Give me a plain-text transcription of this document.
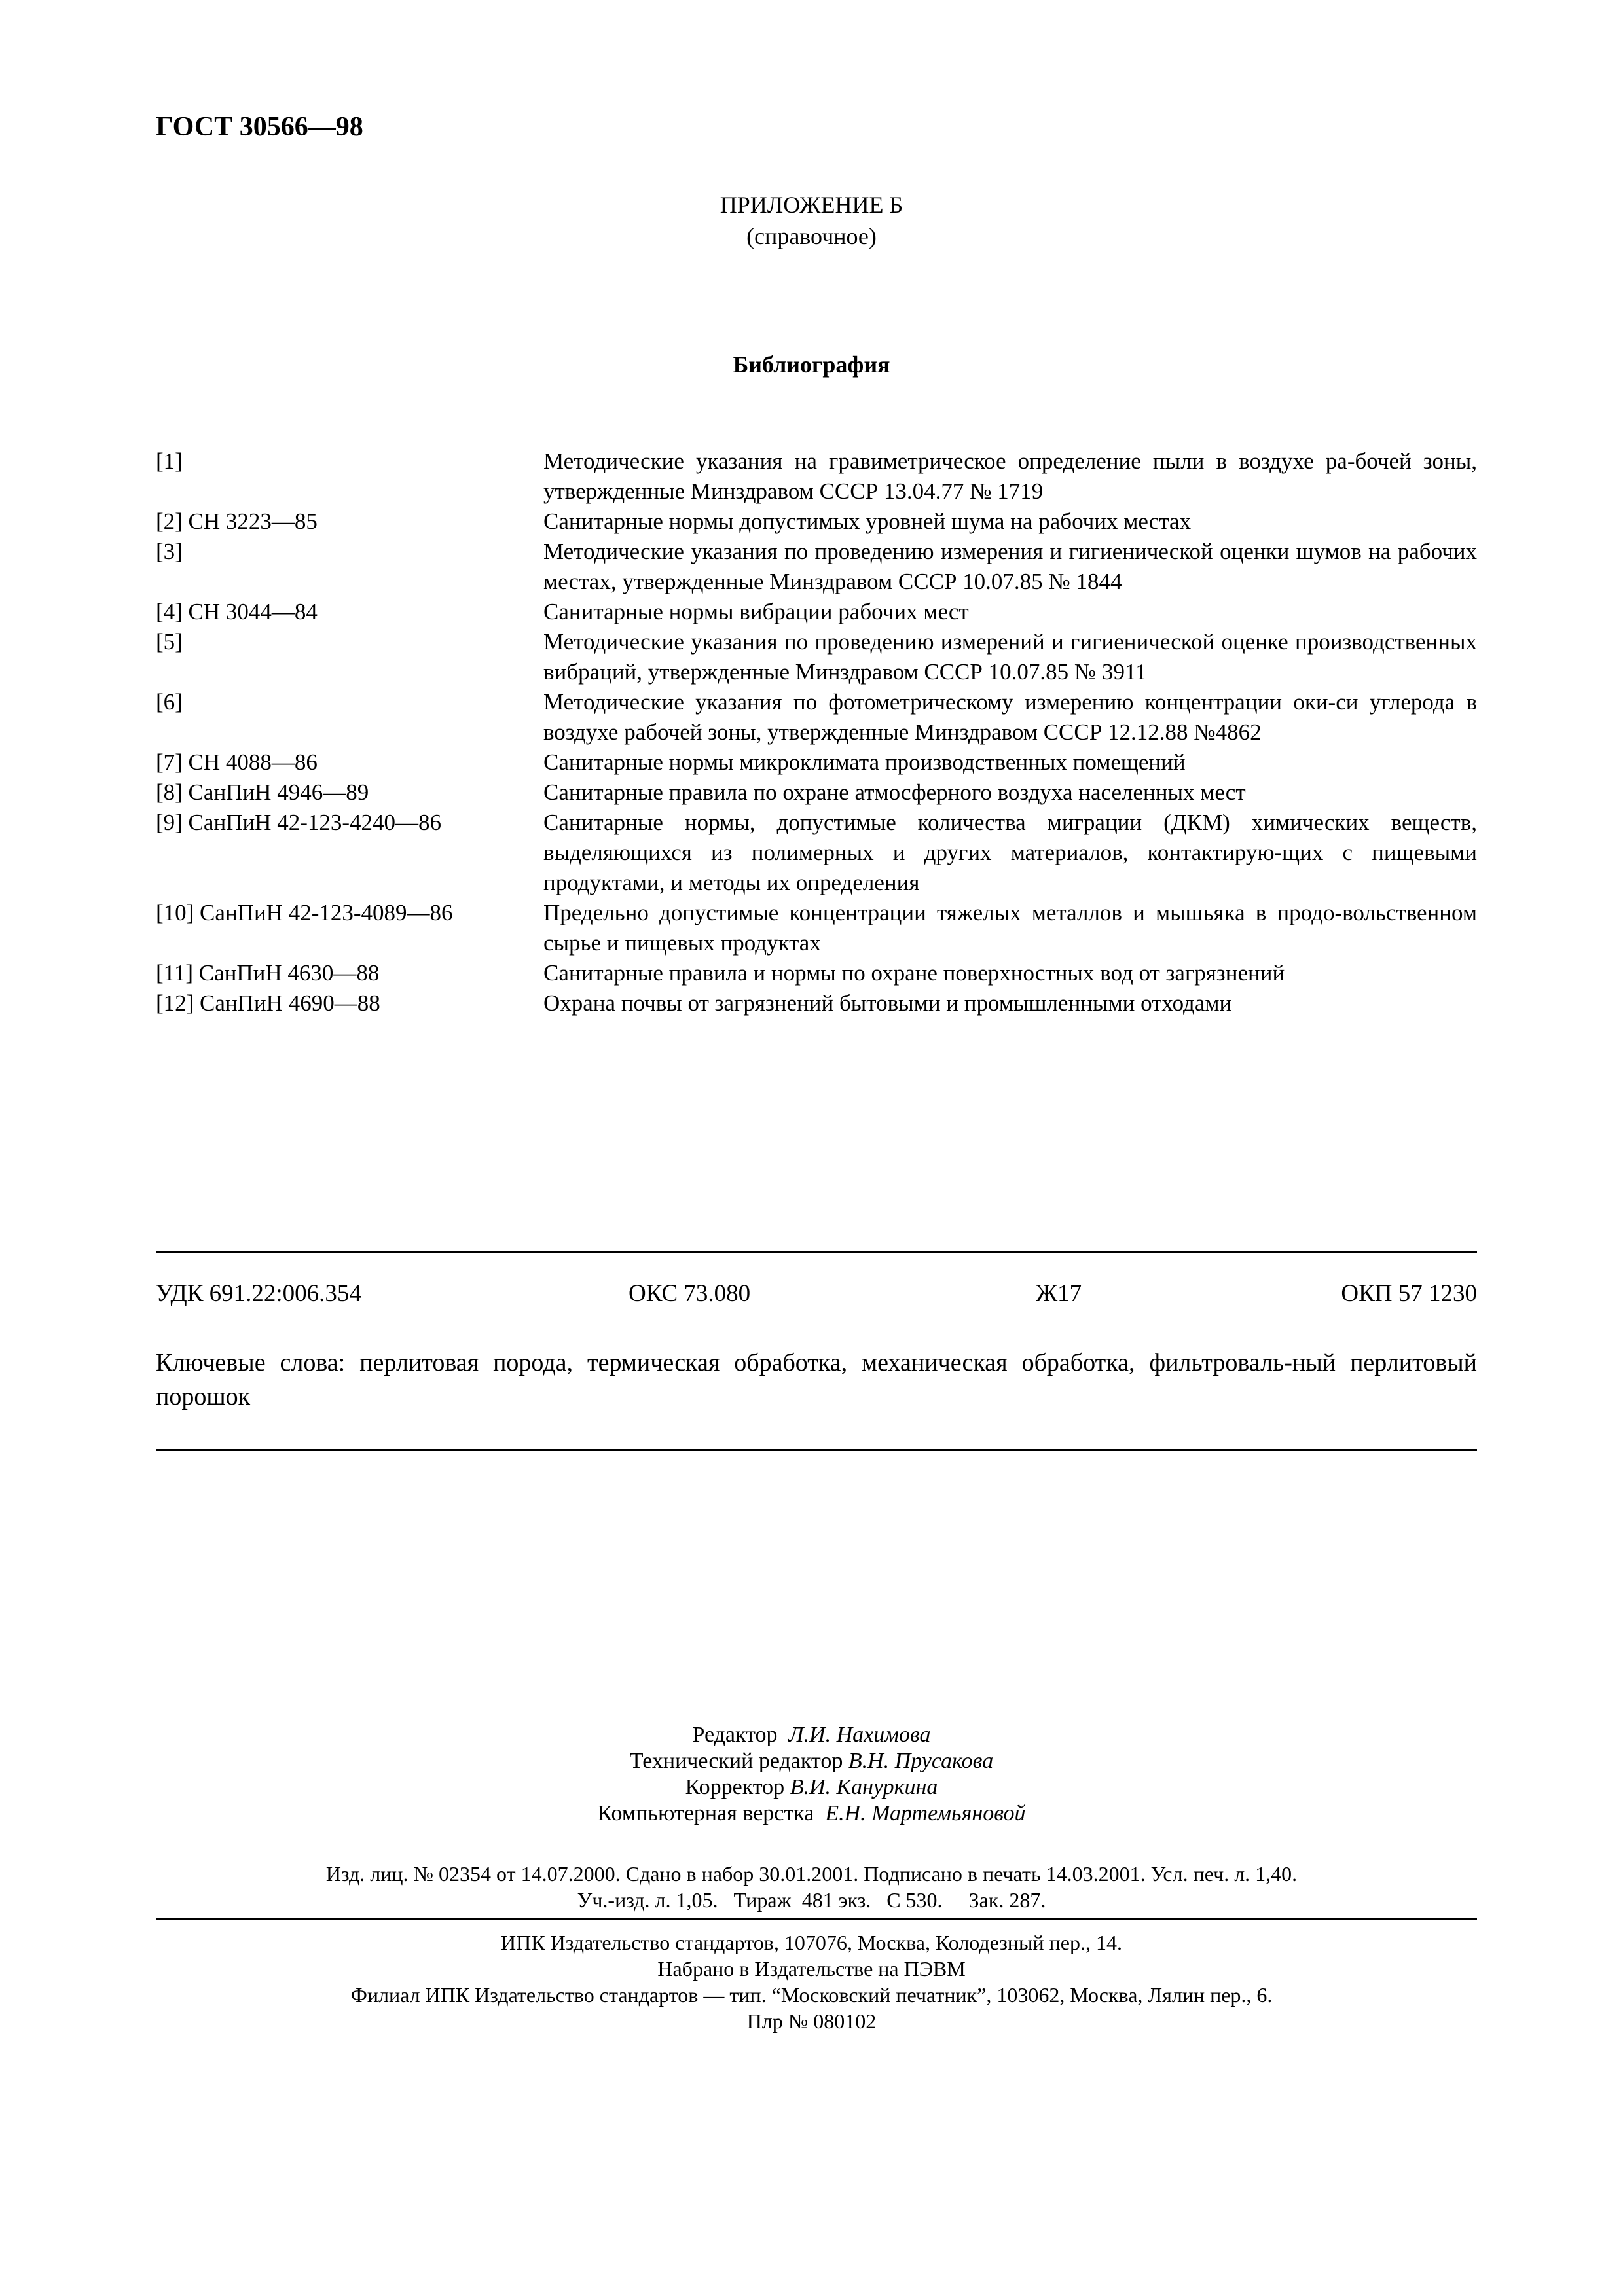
ГОСТ 30566—98
ПРИЛОЖЕНИЕ Б
(справочное)
Библиография
[1]	Методические указания на гравиметрическое определение пыли в воздухе ра-бочей зоны, утвержденные Минздравом СССР 13.04.77 № 1719
[2] СН 3223—85	Санитарные нормы допустимых уровней шума на рабочих местах
[3]	Методические указания по проведению измерения и гигиенической оценки шумов на рабочих местах, утвержденные Минздравом СССР 10.07.85 № 1844
[4] СН 3044—84	Санитарные нормы вибрации рабочих мест
[5]	Методические указания по проведению измерений и гигиенической оценке производственных вибраций, утвержденные Минздравом СССР 10.07.85 № 3911
[6]	Методические указания по фотометрическому измерению концентрации оки-си углерода в воздухе рабочей зоны, утвержденные Минздравом СССР 12.12.88 №4862
[7] СН 4088—86	Санитарные нормы микроклимата производственных помещений
[8] СанПиН 4946—89	Санитарные правила по охране атмосферного воздуха населенных мест
[9] СанПиН 42-123-4240—86	Санитарные нормы, допустимые количества миграции (ДКМ) химических веществ, выделяющихся из полимерных и других материалов, контактирую-щих с пищевыми продуктами, и методы их определения
[10] СанПиН 42-123-4089—86	Предельно допустимые концентрации тяжелых металлов и мышьяка в продо-вольственном сырье и пищевых продуктах
[11] СанПиН 4630—88	Санитарные правила и нормы по охране поверхностных вод от загрязнений
[12] СанПиН 4690—88	Охрана почвы от загрязнений бытовыми и промышленными отходами
УДК 691.22:006.354	ОКС 73.080	Ж17	ОКП 57 1230
Ключевые слова: перлитовая порода, термическая обработка, механическая обработка, фильтроваль-ный перлитовый порошок
Редактор Л.И. Нахимова
Технический редактор В.Н. Прусакова
Корректор В.И. Кануркина
Компьютерная верстка Е.Н. Мартемьяновой
Изд. лиц. № 02354 от 14.07.2000. Сдано в набор 30.01.2001. Подписано в печать 14.03.2001. Усл. печ. л. 1,40.
Уч.-изд. л. 1,05.   Тираж  481 экз.   С 530.     Зак. 287.
ИПК Издательство стандартов, 107076, Москва, Колодезный пер., 14.
Набрано в Издательстве на ПЭВМ
Филиал ИПК Издательство стандартов — тип. “Московский печатник”, 103062, Москва, Лялин пер., 6.
Плр № 080102
